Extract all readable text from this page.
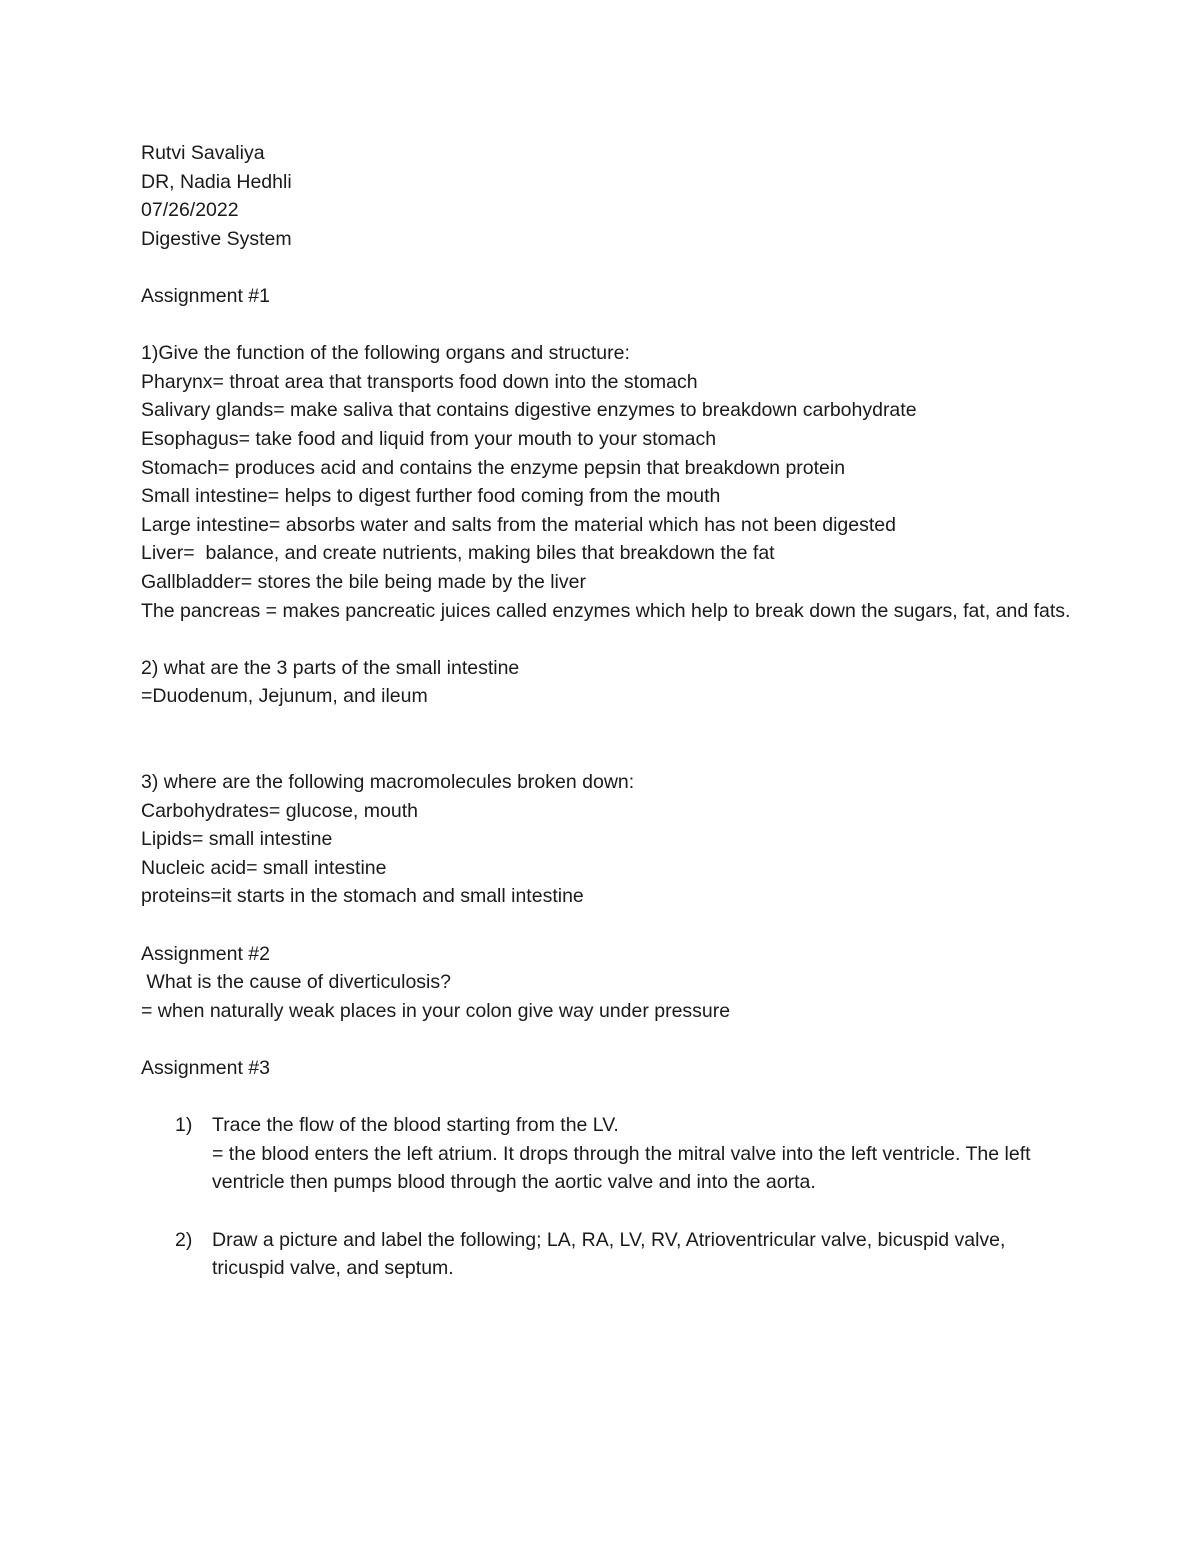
Rutvi Savaliya
DR, Nadia Hedhli
07/26/2022
Digestive System
Assignment #1
1)Give the function of the following organs and structure:
Pharynx= throat area that transports food down into the stomach
Salivary glands= make saliva that contains digestive enzymes to breakdown carbohydrate
Esophagus= take food and liquid from your mouth to your stomach
Stomach= produces acid and contains the enzyme pepsin that breakdown protein
Small intestine= helps to digest further food coming from the mouth
Large intestine= absorbs water and salts from the material which has not been digested
Liver=  balance, and create nutrients, making biles that breakdown the fat
Gallbladder= stores the bile being made by the liver
The pancreas = makes pancreatic juices called enzymes which help to break down the sugars, fat, and fats.
2) what are the 3 parts of the small intestine
=Duodenum, Jejunum, and ileum
3) where are the following macromolecules broken down:
Carbohydrates= glucose, mouth
Lipids= small intestine
Nucleic acid= small intestine
proteins=it starts in the stomach and small intestine
Assignment #2
What is the cause of diverticulosis?
= when naturally weak places in your colon give way under pressure
Assignment #3
1)	Trace the flow of the blood starting from the LV.
= the blood enters the left atrium. It drops through the mitral valve into the left ventricle. The left ventricle then pumps blood through the aortic valve and into the aorta.
2)	Draw a picture and label the following; LA, RA, LV, RV, Atrioventricular valve, bicuspid valve, tricuspid valve, and septum.
